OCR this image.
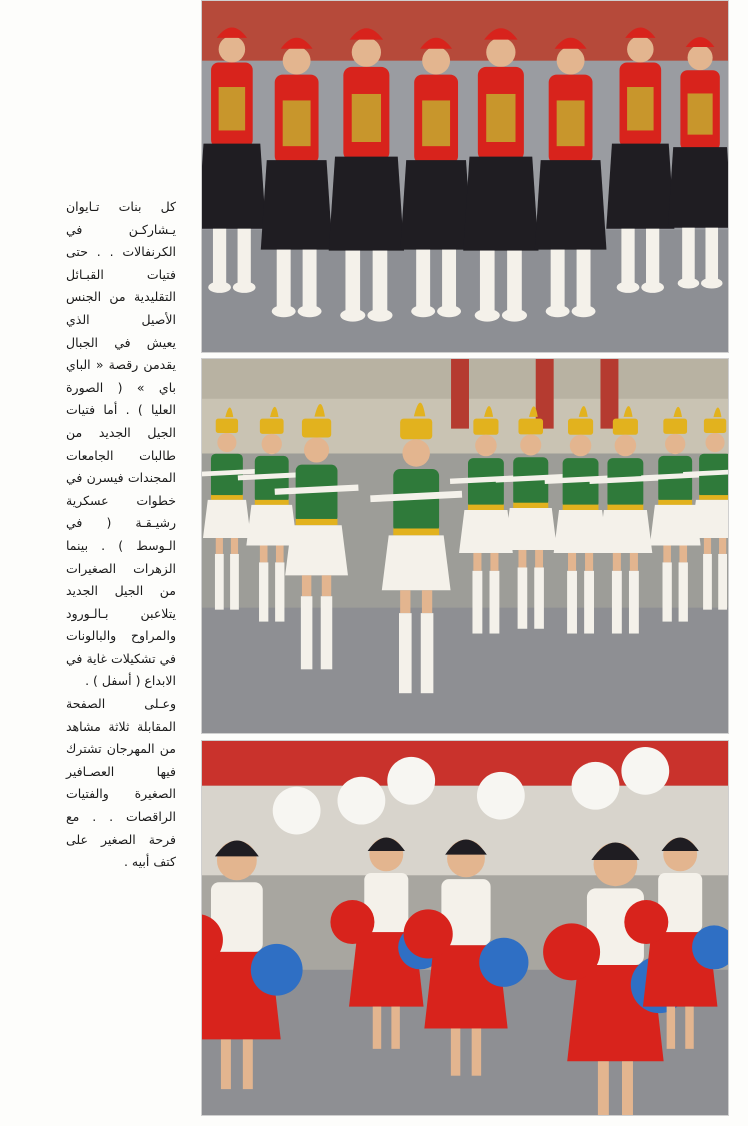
كل بنات تـايوان
يـشاركـن في
الكرنفالات . . حتى
فتيات القبـائل
التقليدية من الجنس
الأصيل الذي
يعيش في الجبال
يقدمن رقصة « الباي
باي » ( الصورة
العليا ) . أما فتيات
الجيل الجديد من
طالبات الجامعات
المجندات فيسرن في
خطوات عسكرية
رشيـقـة ( في
الـوسط ) . بينما
الزهرات الصغيرات
من الجيل الجديد
يتلاعبن بـالـورود
والمراوح والبالونات
في تشكيلات غاية في
الابداع ( أسفل ) .
وعـلى الصفحة
المقابلة ثلاثة مشاهد
من المهرجان تشترك
فيها العصـافير
الصغيرة والفتيات
الراقصات . . مع
فرحة الصغير على
كتف أبيه .
